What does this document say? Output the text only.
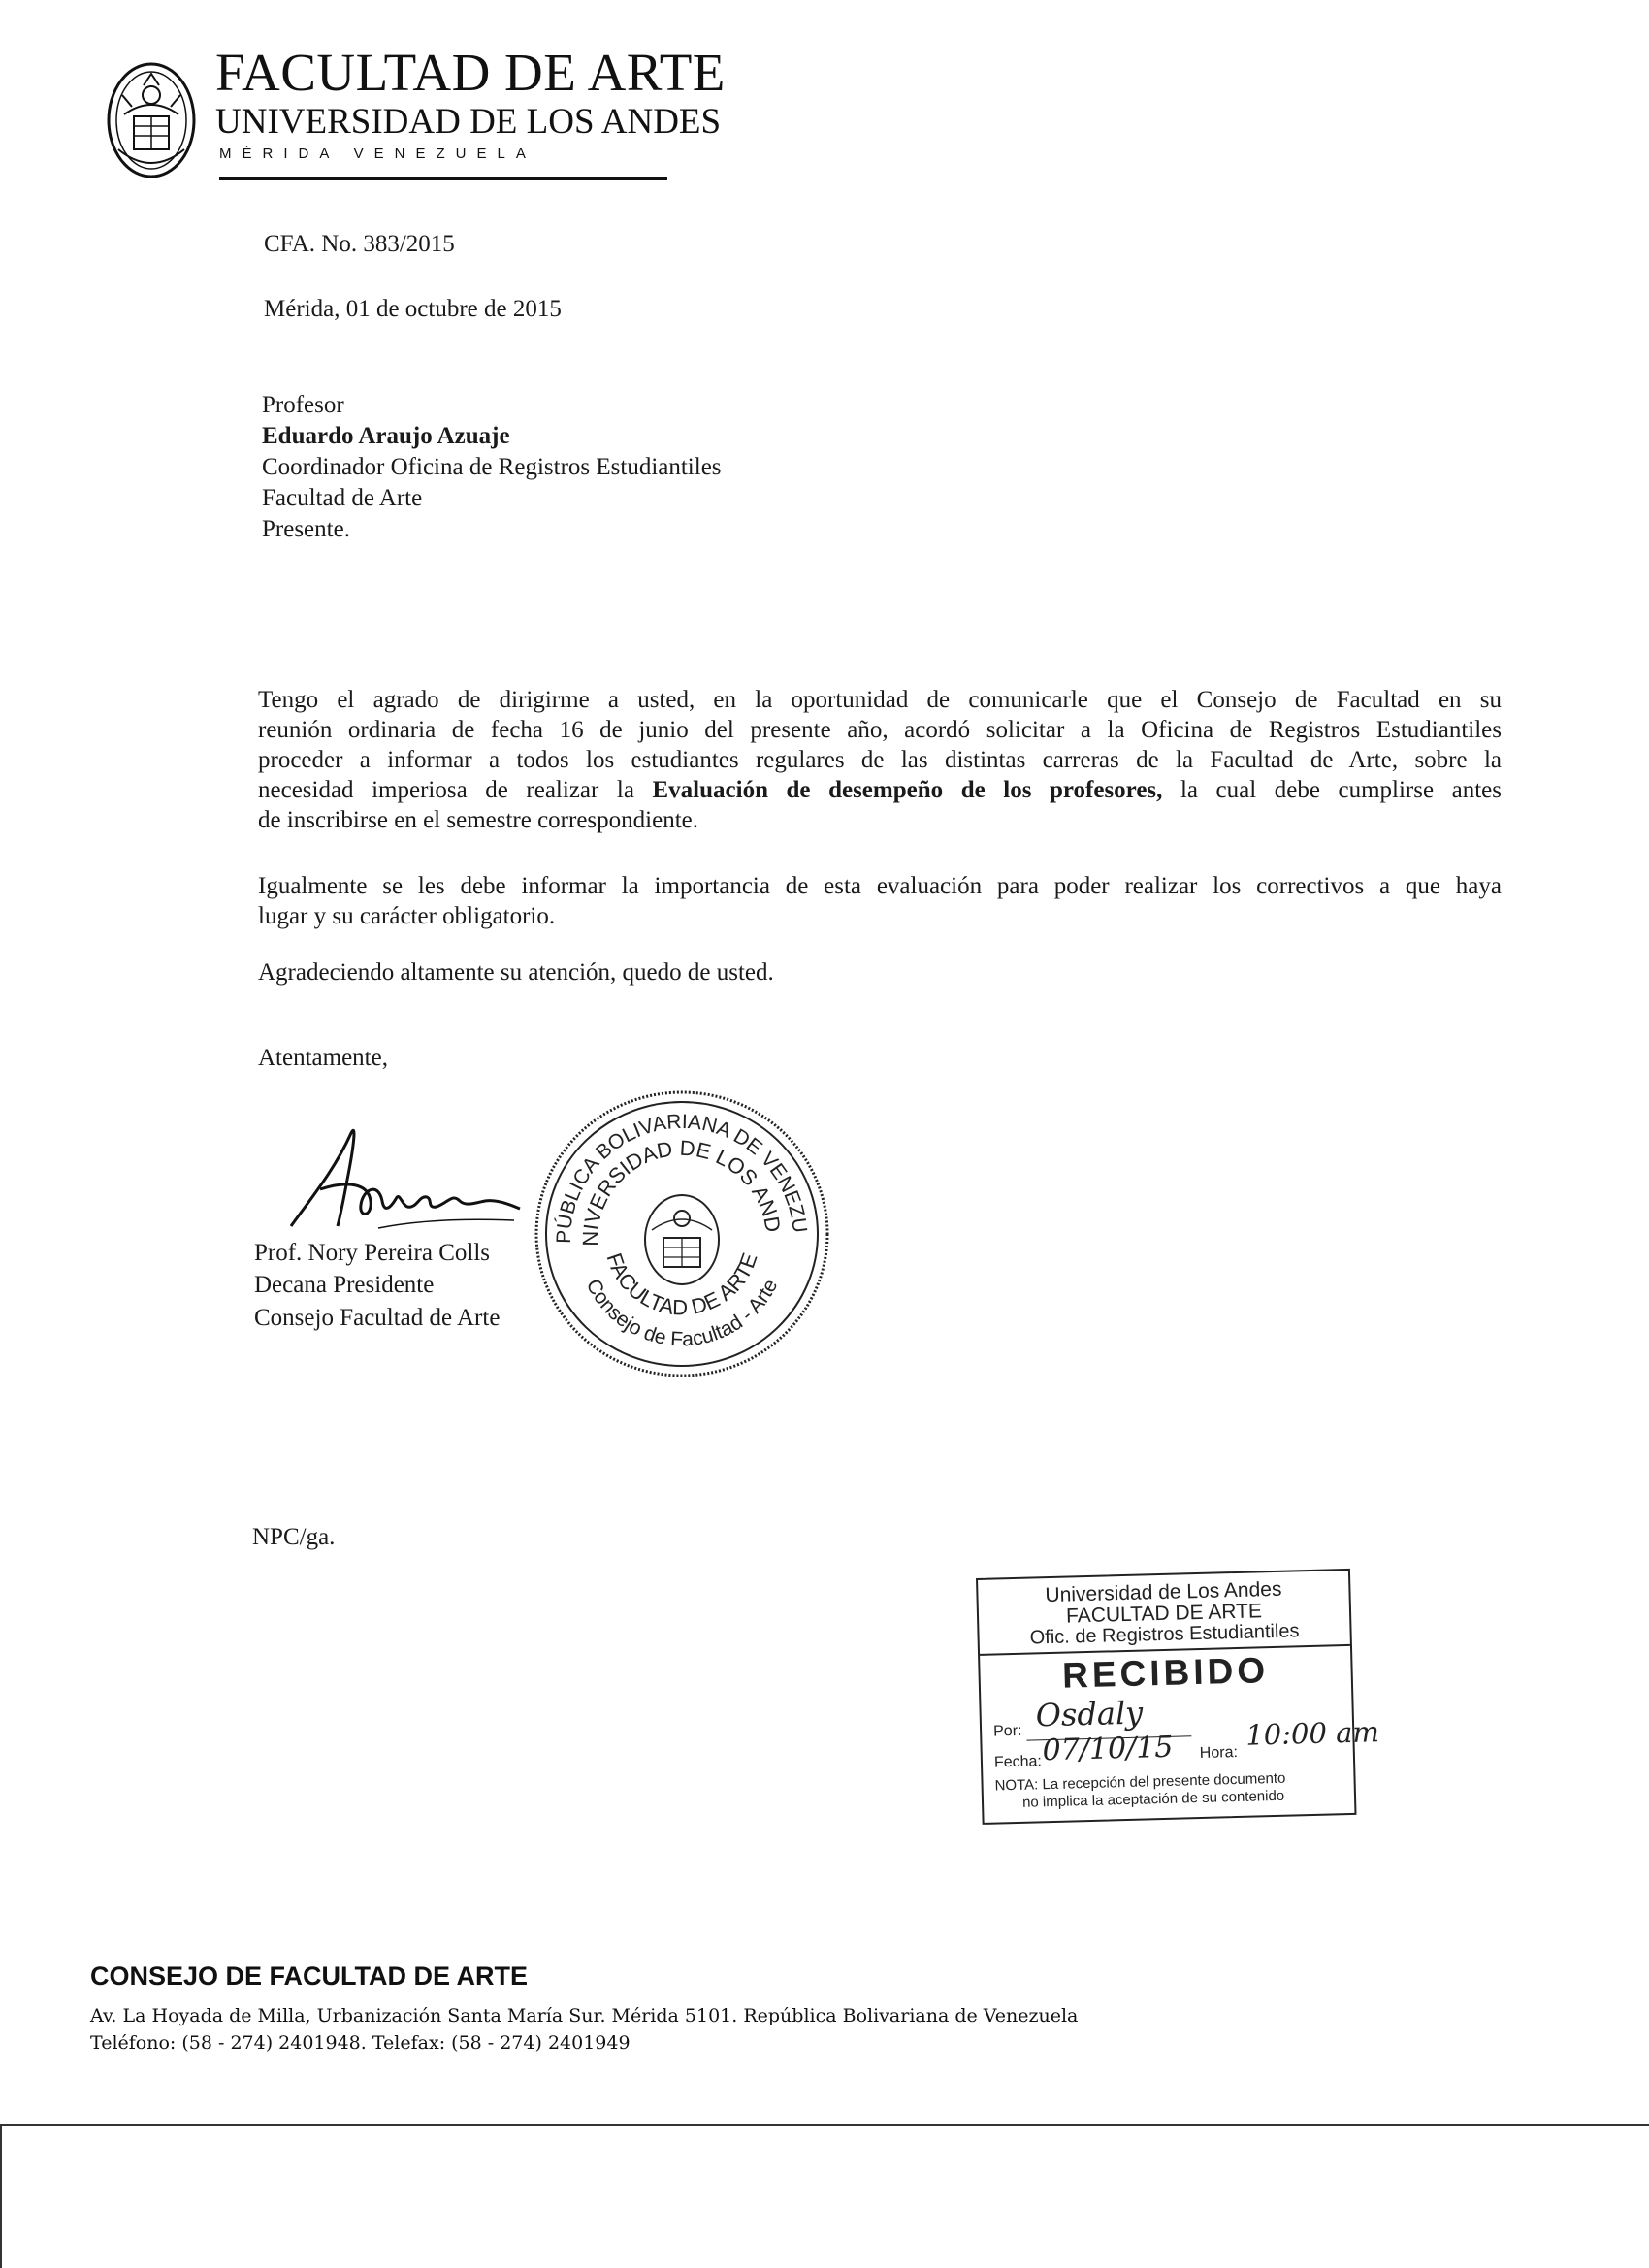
FACULTAD DE ARTE
UNIVERSIDAD DE LOS ANDES
MÉRIDA VENEZUELA
CFA. No. 383/2015
Mérida, 01 de octubre de 2015
Profesor
Eduardo Araujo Azuaje
Coordinador Oficina de Registros Estudiantiles
Facultad de Arte
Presente.
Tengo el agrado de dirigirme a usted, en la oportunidad de comunicarle que el Consejo de Facultad en su
reunión ordinaria de fecha 16 de junio del presente año, acordó solicitar a la Oficina de Registros Estudiantiles
proceder a informar a todos los estudiantes regulares de las distintas carreras de la Facultad de Arte, sobre la
necesidad imperiosa de realizar la Evaluación de desempeño de los profesores, la cual debe cumplirse antes
de inscribirse en el semestre correspondiente.
Igualmente se les debe informar la importancia de esta evaluación para poder realizar los correctivos a que haya
lugar y su carácter obligatorio.
Agradeciendo altamente su atención, quedo de usted.
Atentamente,
Prof. Nory Pereira Colls
Decana Presidente
Consejo Facultad de Arte
PÚBLICA BOLIVARIANA DE VENEZU
NIVERSIDAD DE LOS AND
FACULTAD DE ARTE
Consejo de Facultad - Arte
NPC/ga.
Universidad de Los Andes
FACULTAD DE ARTE
Ofic. de Registros Estudiantiles
RECIBIDO
Por: Osdaly
Fecha: 07/10/15 Hora:
10:00 am
NOTA: La recepción del presente documento
no implica la aceptación de su contenido
CONSEJO DE FACULTAD DE ARTE
Av. La Hoyada de Milla, Urbanización Santa María Sur. Mérida 5101. República Bolivariana de Venezuela
Teléfono: (58 - 274) 2401948. Telefax: (58 - 274) 2401949
